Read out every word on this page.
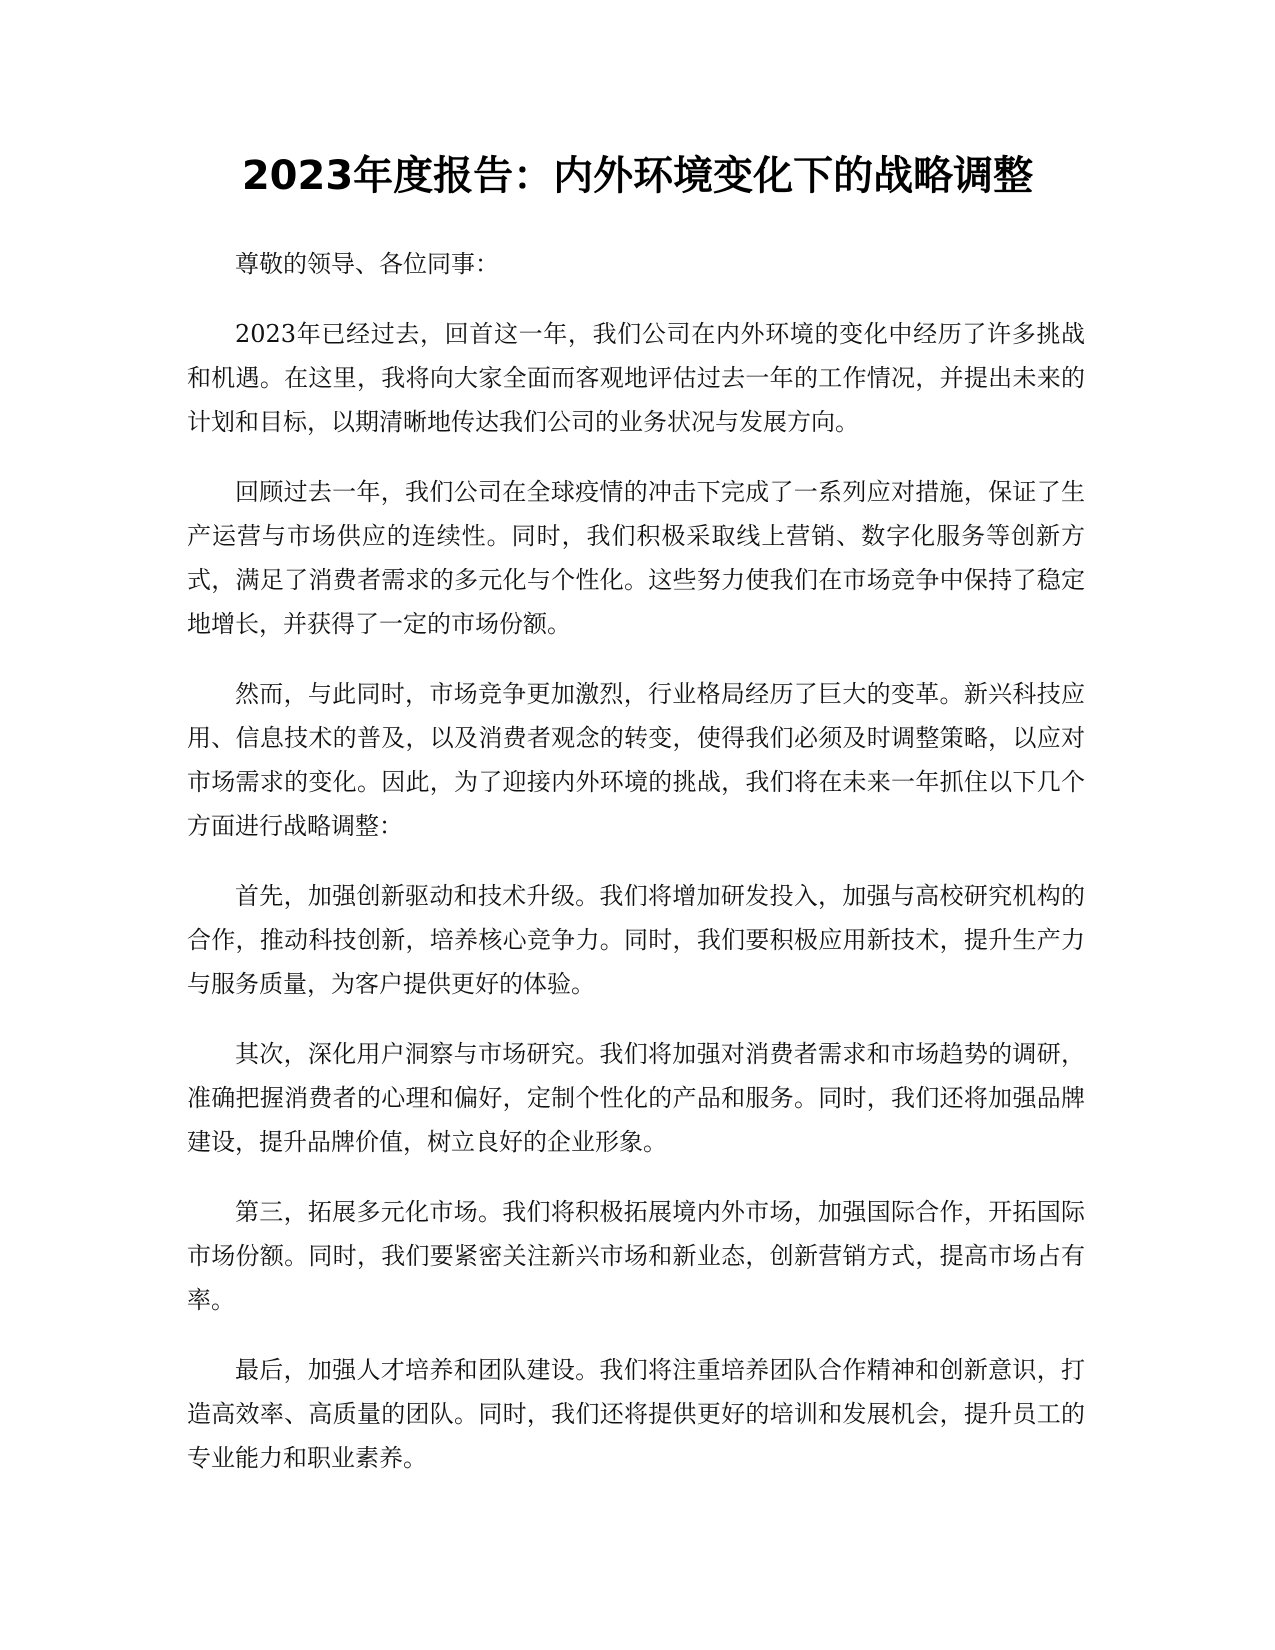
2023年度报告：内外环境变化下的战略调整

尊敬的领导、各位同事：

2023年已经过去，回首这一年，我们公司在内外环境的变化中经历了许多挑战和机遇。在这里，我将向大家全面而客观地评估过去一年的工作情况，并提出未来的计划和目标，以期清晰地传达我们公司的业务状况与发展方向。

回顾过去一年，我们公司在全球疫情的冲击下完成了一系列应对措施，保证了生产运营与市场供应的连续性。同时，我们积极采取线上营销、数字化服务等创新方式，满足了消费者需求的多元化与个性化。这些努力使我们在市场竞争中保持了稳定地增长，并获得了一定的市场份额。

然而，与此同时，市场竞争更加激烈，行业格局经历了巨大的变革。新兴科技应用、信息技术的普及，以及消费者观念的转变，使得我们必须及时调整策略，以应对市场需求的变化。因此，为了迎接内外环境的挑战，我们将在未来一年抓住以下几个方面进行战略调整：

首先，加强创新驱动和技术升级。我们将增加研发投入，加强与高校研究机构的合作，推动科技创新，培养核心竞争力。同时，我们要积极应用新技术，提升生产力与服务质量，为客户提供更好的体验。

其次，深化用户洞察与市场研究。我们将加强对消费者需求和市场趋势的调研，准确把握消费者的心理和偏好，定制个性化的产品和服务。同时，我们还将加强品牌建设，提升品牌价值，树立良好的企业形象。

第三，拓展多元化市场。我们将积极拓展境内外市场，加强国际合作，开拓国际市场份额。同时，我们要紧密关注新兴市场和新业态，创新营销方式，提高市场占有率。

最后，加强人才培养和团队建设。我们将注重培养团队合作精神和创新意识，打造高效率、高质量的团队。同时，我们还将提供更好的培训和发展机会，提升员工的专业能力和职业素养。
